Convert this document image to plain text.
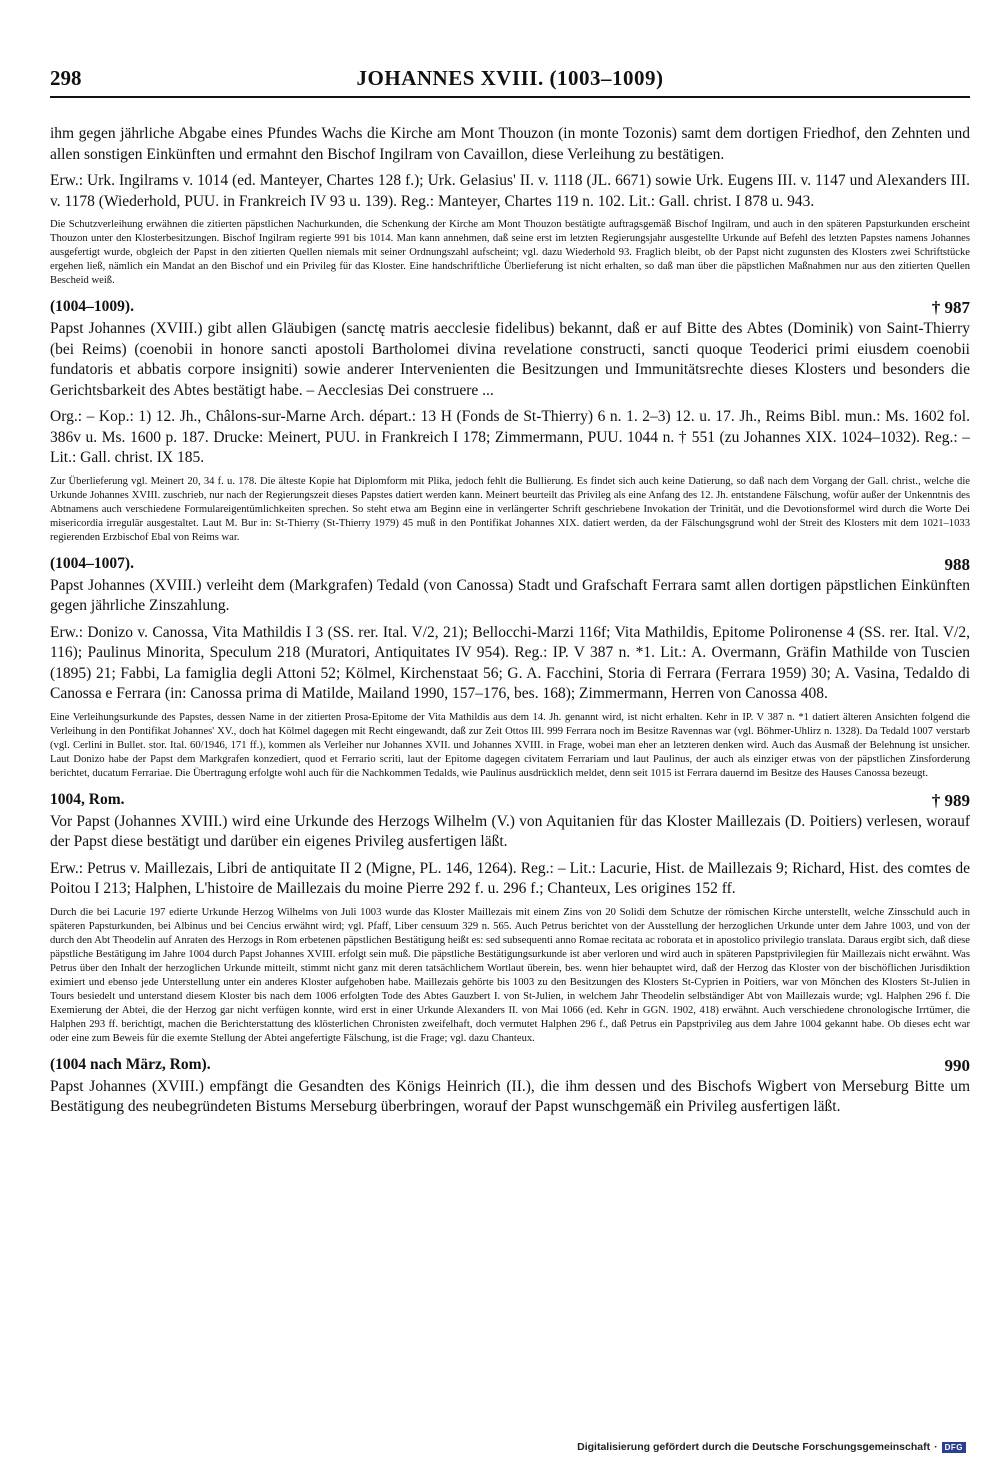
298	JOHANNES XVIII. (1003–1009)

ihm gegen jährliche Abgabe eines Pfundes Wachs die Kirche am Mont Thouzon (in monte Tozonis) samt dem dortigen Friedhof, den Zehnten und allen sonstigen Einkünften und ermahnt den Bischof Ingilram von Cavaillon, diese Verleihung zu bestätigen.

Erw.: Urk. Ingilrams v. 1014 (ed. Manteyer, Chartes 128 f.); Urk. Gelasius' II. v. 1118 (JL. 6671) sowie Urk. Eugens III. v. 1147 und Alexanders III. v. 1178 (Wiederhold, PUU. in Frankreich IV 93 u. 139). Reg.: Manteyer, Chartes 119 n. 102. Lit.: Gall. christ. I 878 u. 943.

Die Schutzverleihung erwähnen die zitierten päpstlichen Nachurkunden, die Schenkung der Kirche am Mont Thouzon bestätigte auftragsgemäß Bischof Ingilram, und auch in den späteren Papsturkunden erscheint Thouzon unter den Klosterbesitzungen. Bischof Ingilram regierte 991 bis 1014. Man kann annehmen, daß seine erst im letzten Regierungsjahr ausgestellte Urkunde auf Befehl des letzten Papstes namens Johannes ausgefertigt wurde, obgleich der Papst in den zitierten Quellen niemals mit seiner Ordnungszahl aufscheint; vgl. dazu Wiederhold 93. Fraglich bleibt, ob der Papst nicht zugunsten des Klosters zwei Schriftstücke ergehen ließ, nämlich ein Mandat an den Bischof und ein Privileg für das Kloster. Eine handschriftliche Überlieferung ist nicht erhalten, so daß man über die päpstlichen Maßnahmen nur aus den zitierten Quellen Bescheid weiß.

(1004–1009).	† 987

Papst Johannes (XVIII.) gibt allen Gläubigen (sanctę matris aecclesie fidelibus) bekannt, daß er auf Bitte des Abtes (Dominik) von Saint-Thierry (bei Reims) (coenobii in honore sancti apostoli Bartholomei divina revelatione constructi, sancti quoque Teoderici primi eiusdem coenobii fundatoris et abbatis corpore insigniti) sowie anderer Intervenienten die Besitzungen und Immunitätsrechte dieses Klosters und besonders die Gerichtsbarkeit des Abtes bestätigt habe. – Aecclesias Dei construere ...

Org.: – Kop.: 1) 12. Jh., Châlons-sur-Marne Arch. départ.: 13 H (Fonds de St-Thierry) 6 n. 1. 2–3) 12. u. 17. Jh., Reims Bibl. mun.: Ms. 1602 fol. 386v u. Ms. 1600 p. 187. Drucke: Meinert, PUU. in Frankreich I 178; Zimmermann, PUU. 1044 n. † 551 (zu Johannes XIX. 1024–1032). Reg.: – Lit.: Gall. christ. IX 185.

Zur Überlieferung vgl. Meinert 20, 34 f. u. 178. Die älteste Kopie hat Diplomform mit Plika, jedoch fehlt die Bullierung. Es findet sich auch keine Datierung, so daß nach dem Vorgang der Gall. christ., welche die Urkunde Johannes XVIII. zuschrieb, nur nach der Regierungszeit dieses Papstes datiert werden kann. Meinert beurteilt das Privileg als eine Anfang des 12. Jh. entstandene Fälschung, wofür außer der Unkenntnis des Abtnamens auch verschiedene Formulareigentümlichkeiten sprechen. So steht etwa am Beginn eine in verlängerter Schrift geschriebene Invokation der Trinität, und die Devotionsformel wird durch die Worte Dei misericordia irregulär ausgestaltet. Laut M. Bur in: St-Thierry (St-Thierry 1979) 45 muß in den Pontifikat Johannes XIX. datiert werden, da der Fälschungsgrund wohl der Streit des Klosters mit dem 1021–1033 regierenden Erzbischof Ebal von Reims war.

(1004–1007).	988

Papst Johannes (XVIII.) verleiht dem (Markgrafen) Tedald (von Canossa) Stadt und Grafschaft Ferrara samt allen dortigen päpstlichen Einkünften gegen jährliche Zinszahlung.

Erw.: Donizo v. Canossa, Vita Mathildis I 3 (SS. rer. Ital. V/2, 21); Bellocchi-Marzi 116f; Vita Mathildis, Epitome Polironense 4 (SS. rer. Ital. V/2, 116); Paulinus Minorita, Speculum 218 (Muratori, Antiquitates IV 954). Reg.: IP. V 387 n. *1. Lit.: A. Overmann, Gräfin Mathilde von Tuscien (1895) 21; Fabbi, La famiglia degli Attoni 52; Kölmel, Kirchenstaat 56; G. A. Facchini, Storia di Ferrara (Ferrara 1959) 30; A. Vasina, Tedaldo di Canossa e Ferrara (in: Canossa prima di Matilde, Mailand 1990, 157–176, bes. 168); Zimmermann, Herren von Canossa 408.

Eine Verleihungsurkunde des Papstes, dessen Name in der zitierten Prosa-Epitome der Vita Mathildis aus dem 14. Jh. genannt wird, ist nicht erhalten. Kehr in IP. V 387 n. *1 datiert älteren Ansichten folgend die Verleihung in den Pontifikat Johannes' XV., doch hat Kölmel dagegen mit Recht eingewandt, daß zur Zeit Ottos III. 999 Ferrara noch im Besitze Ravennas war (vgl. Böhmer-Uhlirz n. 1328). Da Tedald 1007 verstarb (vgl. Cerlini in Bullet. stor. Ital. 60/1946, 171 ff.), kommen als Verleiher nur Johannes XVII. und Johannes XVIII. in Frage, wobei man eher an letzteren denken wird. Auch das Ausmaß der Belehnung ist unsicher. Laut Donizo habe der Papst dem Markgrafen konzediert, quod et Ferrario scriti, laut der Epitome dagegen civitatem Ferrariam und laut Paulinus, der auch als einziger etwas von der päpstlichen Zinsforderung berichtet, ducatum Ferrariae. Die Übertragung erfolgte wohl auch für die Nachkommen Tedalds, wie Paulinus ausdrücklich meldet, denn seit 1015 ist Ferrara dauernd im Besitze des Hauses Canossa bezeugt.

1004, Rom.	† 989

Vor Papst (Johannes XVIII.) wird eine Urkunde des Herzogs Wilhelm (V.) von Aquitanien für das Kloster Maillezais (D. Poitiers) verlesen, worauf der Papst diese bestätigt und darüber ein eigenes Privileg ausfertigen läßt.

Erw.: Petrus v. Maillezais, Libri de antiquitate II 2 (Migne, PL. 146, 1264). Reg.: – Lit.: Lacurie, Hist. de Maillezais 9; Richard, Hist. des comtes de Poitou I 213; Halphen, L'histoire de Maillezais du moine Pierre 292 f. u. 296 f.; Chanteux, Les origines 152 ff.

Durch die bei Lacurie 197 edierte Urkunde Herzog Wilhelms von Juli 1003 wurde das Kloster Maillezais mit einem Zins von 20 Solidi dem Schutze der römischen Kirche unterstellt, welche Zinsschuld auch in späteren Papsturkunden, bei Albinus und bei Cencius erwähnt wird; vgl. Pfaff, Liber censuum 329 n. 565. Auch Petrus berichtet von der Ausstellung der herzoglichen Urkunde unter dem Jahre 1003, und von der durch den Abt Theodelin auf Anraten des Herzogs in Rom erbetenen päpstlichen Bestätigung heißt es: sed subsequenti anno Romae recitata ac roborata et in apostolico privilegio translata. Daraus ergibt sich, daß diese päpstliche Bestätigung im Jahre 1004 durch Papst Johannes XVIII. erfolgt sein muß. Die päpstliche Bestätigungsurkunde ist aber verloren und wird auch in späteren Papstprivilegien für Maillezais nicht erwähnt. Was Petrus über den Inhalt der herzoglichen Urkunde mitteilt, stimmt nicht ganz mit deren tatsächlichem Wortlaut überein, bes. wenn hier behauptet wird, daß der Herzog das Kloster von der bischöflichen Jurisdiktion eximiert und ebenso jede Unterstellung unter ein anderes Kloster aufgehoben habe. Maillezais gehörte bis 1003 zu den Besitzungen des Klosters St-Cyprien in Poitiers, war von Mönchen des Klosters St-Julien in Tours besiedelt und unterstand diesem Kloster bis nach dem 1006 erfolgten Tode des Abtes Gauzbert I. von St-Julien, in welchem Jahr Theodelin selbständiger Abt von Maillezais wurde; vgl. Halphen 296 f. Die Exemierung der Abtei, die der Herzog gar nicht verfügen konnte, wird erst in einer Urkunde Alexanders II. von Mai 1066 (ed. Kehr in GGN. 1902, 418) erwähnt. Auch verschiedene chronologische Irrtümer, die Halphen 293 ff. berichtigt, machen die Berichterstattung des klösterlichen Chronisten zweifelhaft, doch vermutet Halphen 296 f., daß Petrus ein Papstprivileg aus dem Jahre 1004 gekannt habe. Ob dieses echt war oder eine zum Beweis für die exemte Stellung der Abtei angefertigte Fälschung, ist die Frage; vgl. dazu Chanteux.

(1004 nach März, Rom).	990

Papst Johannes (XVIII.) empfängt die Gesandten des Königs Heinrich (II.), die ihm dessen und des Bischofs Wigbert von Merseburg Bitte um Bestätigung des neubegründeten Bistums Merseburg überbringen, worauf der Papst wunschgemäß ein Privileg ausfertigen läßt.

Digitalisierung gefördert durch die Deutsche Forschungsgemeinschaft · DFG
